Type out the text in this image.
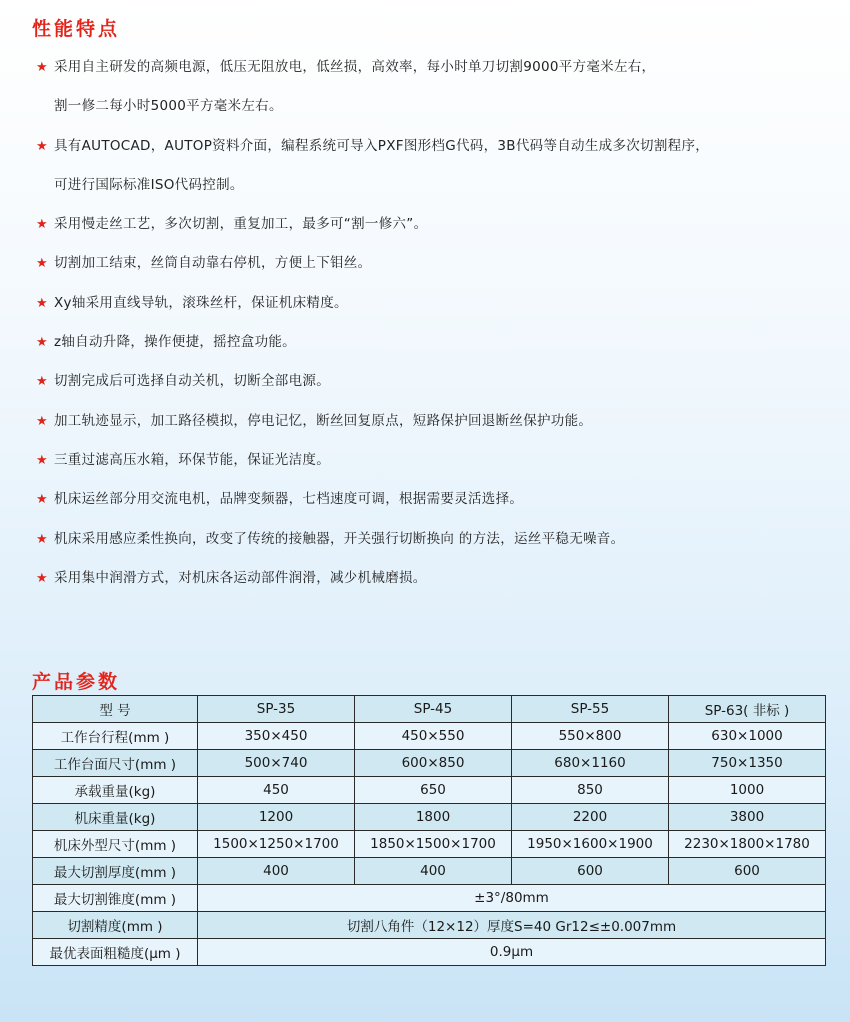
性能特点
★ 采用自主研发的高频电源，低压无阻放电，低丝损，高效率，每小时单刀切割9000平方毫米左右，
割一修二每小时5000平方毫米左右。
★ 具有AUTOCAD，AUTOP资料介面，编程系统可导入PXF图形档G代码，3B代码等自动生成多次切割程序，
可进行国际标准ISO代码控制。
★ 采用慢走丝工艺，多次切割，重复加工，最多可“割一修六”。
★ 切割加工结束，丝筒自动靠右停机，方便上下钼丝。
★ Xy轴采用直线导轨，滚珠丝杆，保证机床精度。
★ z轴自动升降，操作便捷，摇控盒功能。
★ 切割完成后可选择自动关机，切断全部电源。
★ 加工轨迹显示，加工路径模拟，停电记忆，断丝回复原点，短路保护回退断丝保护功能。
★ 三重过滤高压水箱，环保节能，保证光洁度。
★ 机床运丝部分用交流电机，品牌变频器，七档速度可调，根据需要灵活选择。
★ 机床采用感应柔性换向，改变了传统的接触器，开关强行切断换向 的方法，运丝平稳无噪音。
★ 采用集中润滑方式，对机床各运动部件润滑，减少机械磨损。
产品参数
型 号	SP-35	SP-45	SP-55	SP-63( 非标 )
工作台行程(mm )	350×450	450×550	550×800	630×1000
工作台面尺寸(mm )	500×740	600×850	680×1160	750×1350
承载重量(kg)	450	650	850	1000
机床重量(kg)	1200	1800	2200	3800
机床外型尺寸(mm )	1500×1250×1700	1850×1500×1700	1950×1600×1900	2230×1800×1780
最大切割厚度(mm )	400	400	600	600
最大切割锥度(mm )	±3°/80mm			
切割精度(mm )	切割八角件（12×12）厚度S=40 Gr12≤±0.007mm			
最优表面粗糙度(μm )	0.9μm			
